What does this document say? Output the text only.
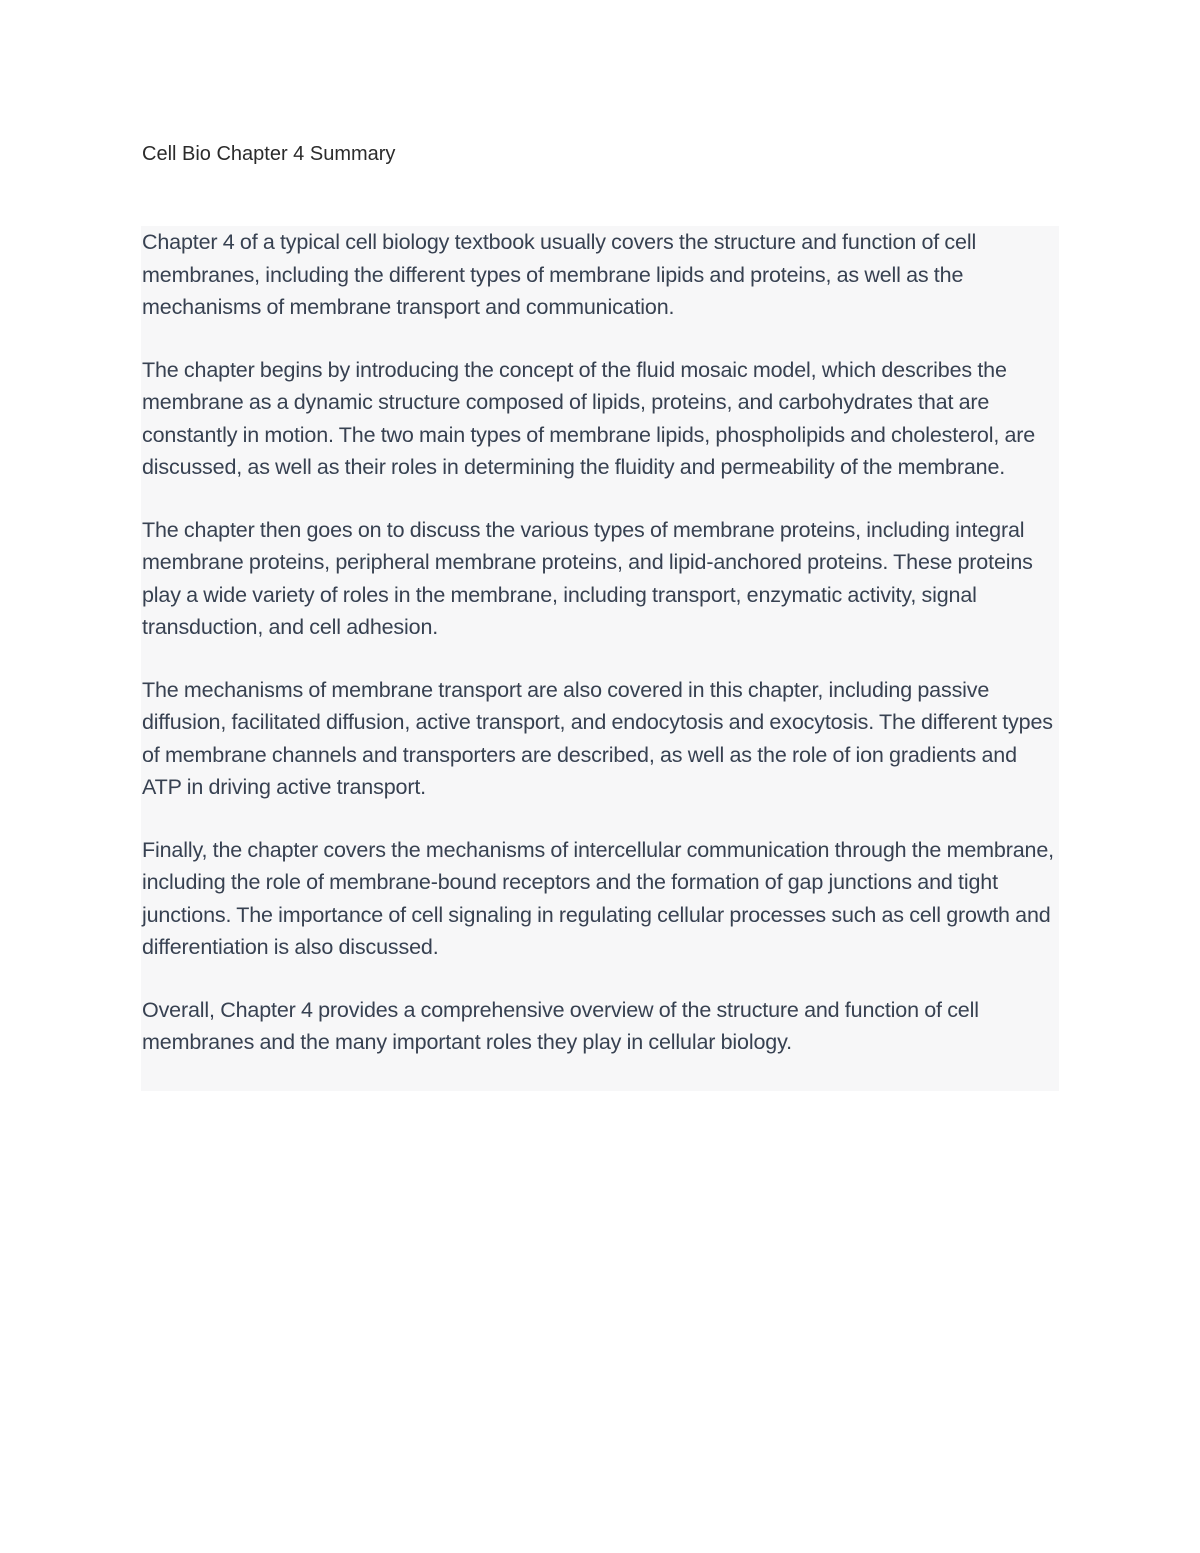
Cell Bio Chapter 4 Summary

Chapter 4 of a typical cell biology textbook usually covers the structure and function of cell membranes, including the different types of membrane lipids and proteins, as well as the mechanisms of membrane transport and communication.

The chapter begins by introducing the concept of the fluid mosaic model, which describes the membrane as a dynamic structure composed of lipids, proteins, and carbohydrates that are constantly in motion. The two main types of membrane lipids, phospholipids and cholesterol, are discussed, as well as their roles in determining the fluidity and permeability of the membrane.

The chapter then goes on to discuss the various types of membrane proteins, including integral membrane proteins, peripheral membrane proteins, and lipid-anchored proteins. These proteins play a wide variety of roles in the membrane, including transport, enzymatic activity, signal transduction, and cell adhesion.

The mechanisms of membrane transport are also covered in this chapter, including passive diffusion, facilitated diffusion, active transport, and endocytosis and exocytosis. The different types of membrane channels and transporters are described, as well as the role of ion gradients and ATP in driving active transport.

Finally, the chapter covers the mechanisms of intercellular communication through the membrane, including the role of membrane-bound receptors and the formation of gap junctions and tight junctions. The importance of cell signaling in regulating cellular processes such as cell growth and differentiation is also discussed.

Overall, Chapter 4 provides a comprehensive overview of the structure and function of cell membranes and the many important roles they play in cellular biology.
